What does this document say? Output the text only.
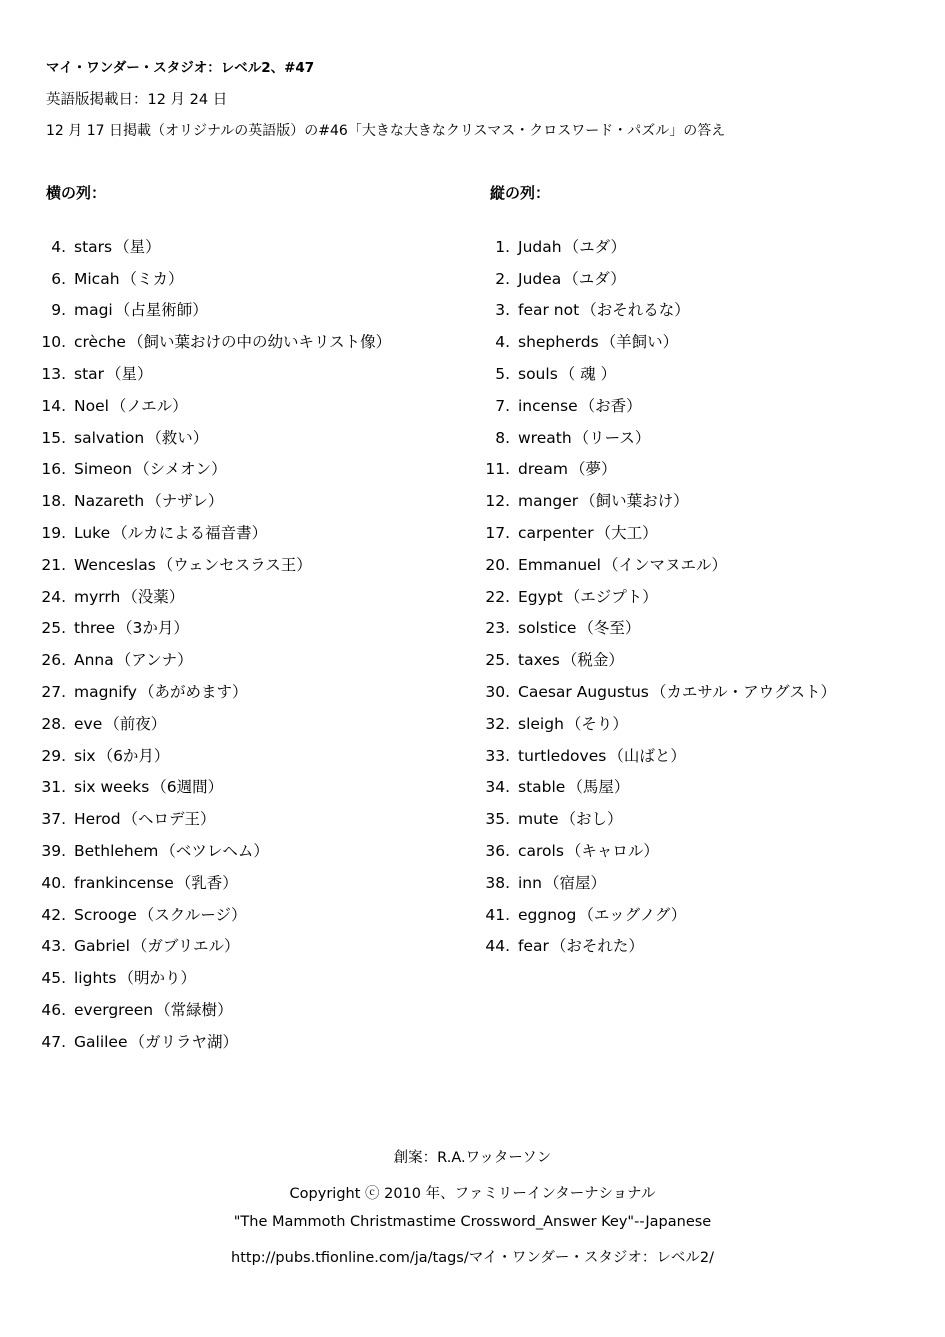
マイ・ワンダー・スタジオ：レベル2、#47
英語版掲載日：12 月 24 日
12 月 17 日掲載（オリジナルの英語版）の#46「大きな大きなクリスマス・クロスワード・パズル」の答え
横の列：	縦の列：
4. stars （星）
6. Micah （ミカ）
9. magi （占星術師）
10. crèche （飼い葉おけの中の幼いキリスト像）
13. star （星）
14. Noel （ノエル）
15. salvation （救い）
16. Simeon （シメオン）
18. Nazareth （ナザレ）
19. Luke （ルカによる福音書）
21. Wenceslas （ウェンセスラス王）
24. myrrh （没薬）
25. three （3か月）
26. Anna （アンナ）
27. magnify （あがめます）
28. eve （前夜）
29. six （6か月）
31. six weeks （6週間）
37. Herod （ヘロデ王）
39. Bethlehem （ベツレヘム）
40. frankincense （乳香）
42. Scrooge （スクルージ）
43. Gabriel （ガブリエル）
45. lights （明かり）
46. evergreen （常緑樹）
47. Galilee （ガリラヤ湖）
1. Judah （ユダ）
2. Judea （ユダ）
3. fear not （おそれるな）
4. shepherds （羊飼い）
5. souls （ 魂 ）
7. incense （お香）
8. wreath （リース）
11. dream （夢）
12. manger （飼い葉おけ）
17. carpenter （大工）
20. Emmanuel （インマヌエル）
22. Egypt （エジプト）
23. solstice （冬至）
25. taxes （税金）
30. Caesar Augustus （カエサル・アウグスト）
32. sleigh （そり）
33. turtledoves （山ばと）
34. stable （馬屋）
35. mute （おし）
36. carols （キャロル）
38. inn （宿屋）
41. eggnog （エッグノグ）
44. fear （おそれた）
創案：R.A.ワッターソン
Copyright ⓒ 2010 年、ファミリーインターナショナル
"The Mammoth Christmastime Crossword_Answer Key"--Japanese
http://pubs.tfionline.com/ja/tags/マイ・ワンダー・スタジオ：レベル2/
